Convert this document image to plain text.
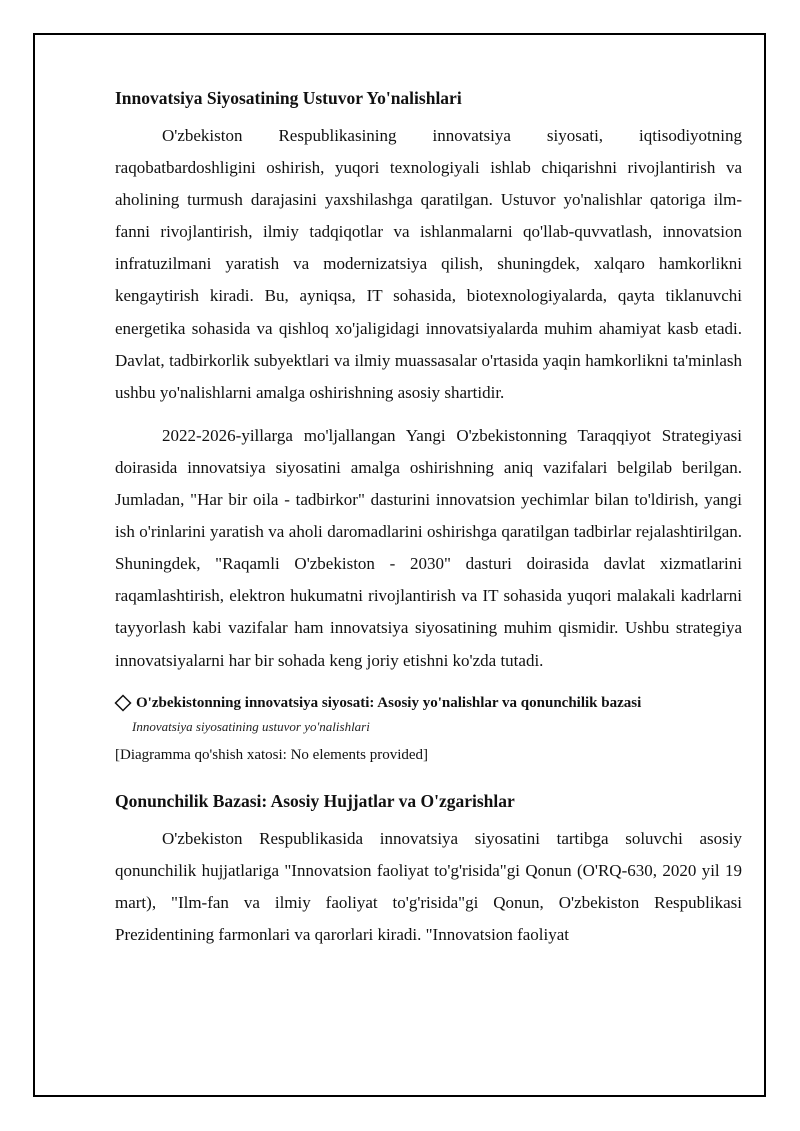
Innovatsiya Siyosatining Ustuvor Yo'nalishlari

O'zbekiston Respublikasining innovatsiya siyosati, iqtisodiyotning raqobatbardoshligini oshirish, yuqori texnologiyali ishlab chiqarishni rivojlantirish va aholining turmush darajasini yaxshilashga qaratilgan. Ustuvor yo'nalishlar qatoriga ilm-fanni rivojlantirish, ilmiy tadqiqotlar va ishlanmalarni qo'llab-quvvatlash, innovatsion infratuzilmani yaratish va modernizatsiya qilish, shuningdek, xalqaro hamkorlikni kengaytirish kiradi. Bu, ayniqsa, IT sohasida, biotexnologiyalarda, qayta tiklanuvchi energetika sohasida va qishloq xo'jaligidagi innovatsiyalarda muhim ahamiyat kasb etadi. Davlat, tadbirkorlik subyektlari va ilmiy muassasalar o'rtasida yaqin hamkorlikni ta'minlash ushbu yo'nalishlarni amalga oshirishning asosiy shartidir.

2022-2026-yillarga mo'ljallangan Yangi O'zbekistonning Taraqqiyot Strategiyasi doirasida innovatsiya siyosatini amalga oshirishning aniq vazifalari belgilab berilgan. Jumladan, "Har bir oila - tadbirkor" dasturini innovatsion yechimlar bilan to'ldirish, yangi ish o'rinlarini yaratish va aholi daromadlarini oshirishga qaratilgan tadbirlar rejalashtirilgan. Shuningdek, "Raqamli O'zbekiston - 2030" dasturi doirasida davlat xizmatlarini raqamlashtirish, elektron hukumatni rivojlantirish va IT sohasida yuqori malakali kadrlarni tayyorlash kabi vazifalar ham innovatsiya siyosatining muhim qismidir. Ushbu strategiya innovatsiyalarni har bir sohada keng joriy etishni ko'zda tutadi.

O'zbekistonning innovatsiya siyosati: Asosiy yo'nalishlar va qonunchilik bazasi
Innovatsiya siyosatining ustuvor yo'nalishlari
[Diagramma qo'shish xatosi: No elements provided]
Qonunchilik Bazasi: Asosiy Hujjatlar va O'zgarishlar

O'zbekiston Respublikasida innovatsiya siyosatini tartibga soluvchi asosiy qonunchilik hujjatlariga "Innovatsion faoliyat to'g'risida"gi Qonun (O'RQ-630, 2020 yil 19 mart), "Ilm-fan va ilmiy faoliyat to'g'risida"gi Qonun, O'zbekiston Respublikasi Prezidentining farmonlari va qarorlari kiradi. "Innovatsion faoliyat
